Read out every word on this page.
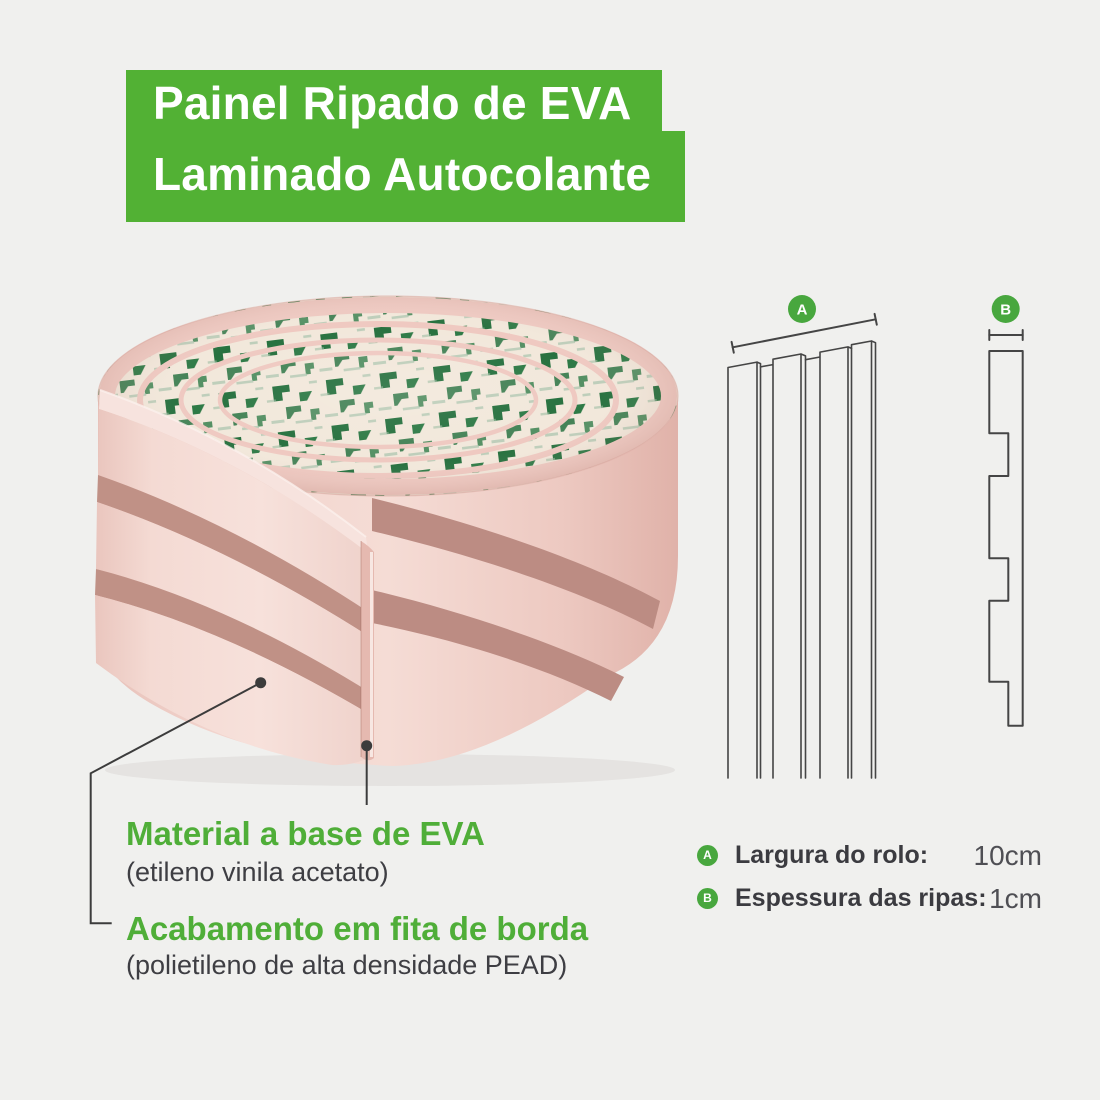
A	B
Painel Ripado de EVA
Laminado Autocolante
Material a base de EVA
(etileno vinila acetato)
Acabamento em fita de borda
(polietileno de alta densidade PEAD)
A Largura do rolo: 10cm
B Espessura das ripas: 1cm
